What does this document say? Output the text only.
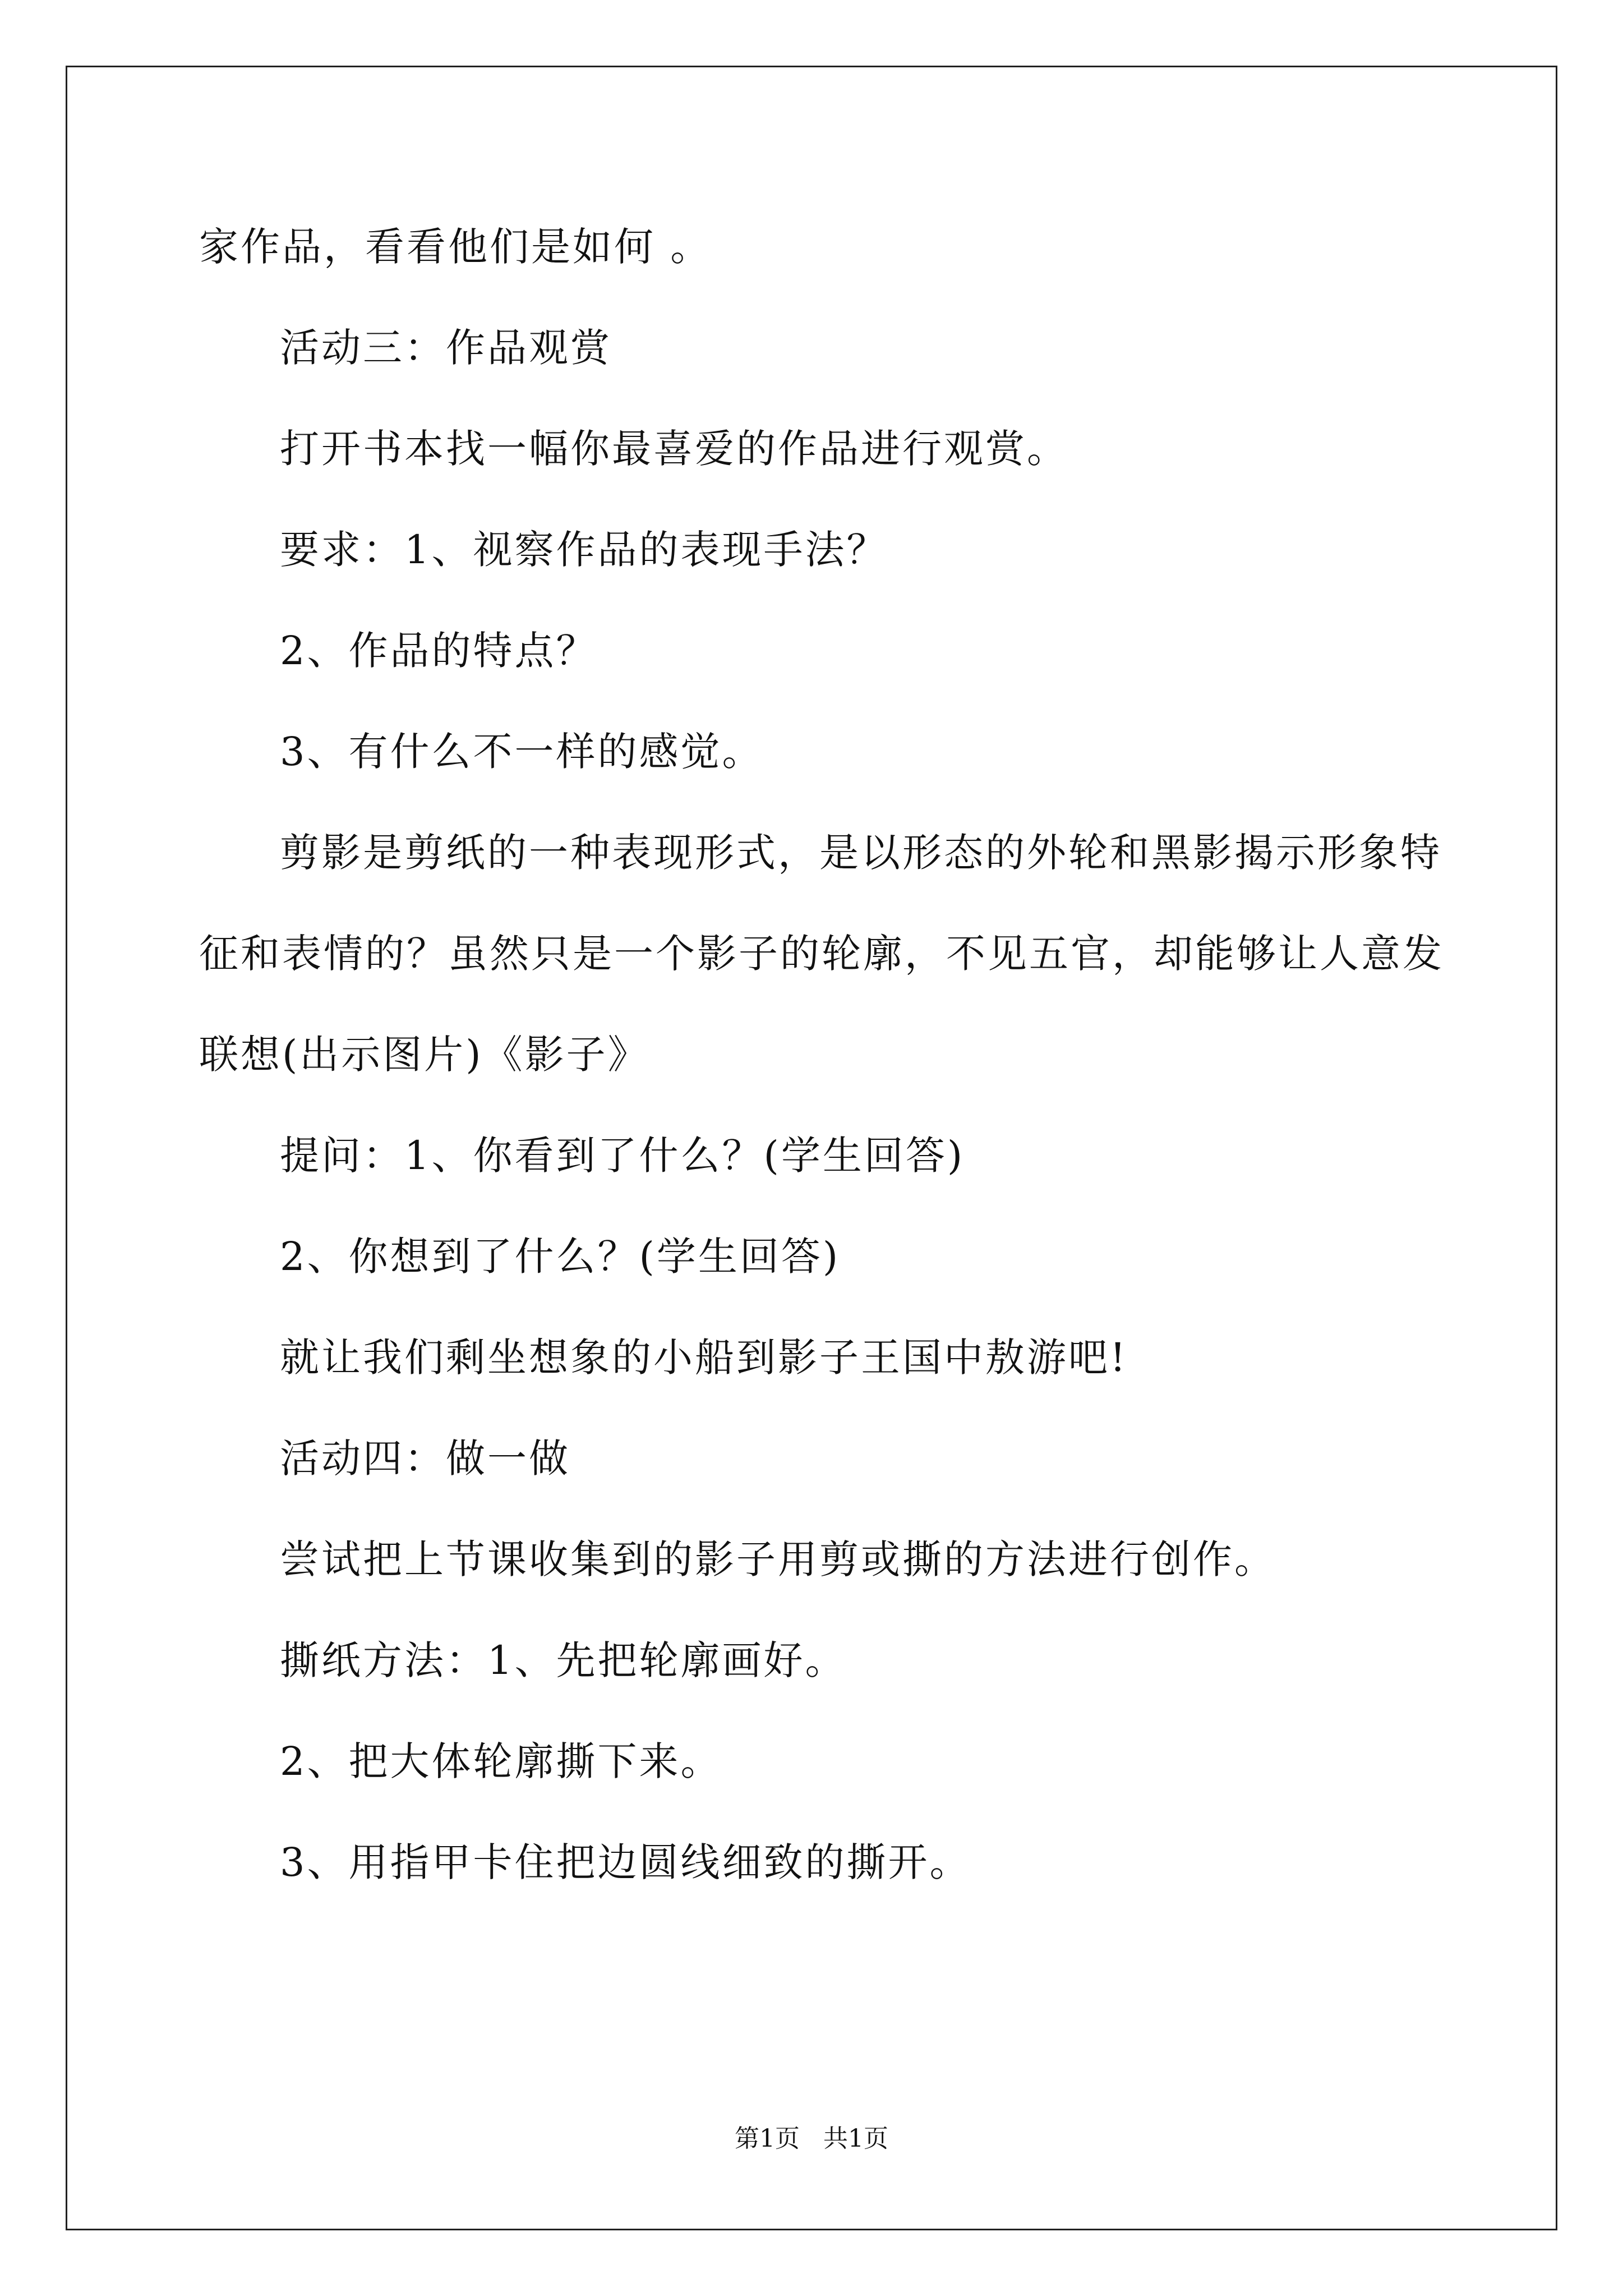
家作品，看看他们是如何 。
活动三：作品观赏
打开书本找一幅你最喜爱的作品进行观赏。
要求：1、视察作品的表现手法？
2、作品的特点？
3、有什么不一样的感觉。
剪影是剪纸的一种表现形式，是以形态的外轮和黑影揭示形象特
征和表情的？虽然只是一个影子的轮廓，不见五官，却能够让人意发
联想(出示图片)《影子》
提问：1、你看到了什么？(学生回答)
2、你想到了什么？(学生回答)
就让我们剩坐想象的小船到影子王国中敖游吧!
活动四：做一做
尝试把上节课收集到的影子用剪或撕的方法进行创作。
撕纸方法：1、先把轮廓画好。
2、把大体轮廓撕下来。
3、用指甲卡住把边圆线细致的撕开。
第1页   共1页
